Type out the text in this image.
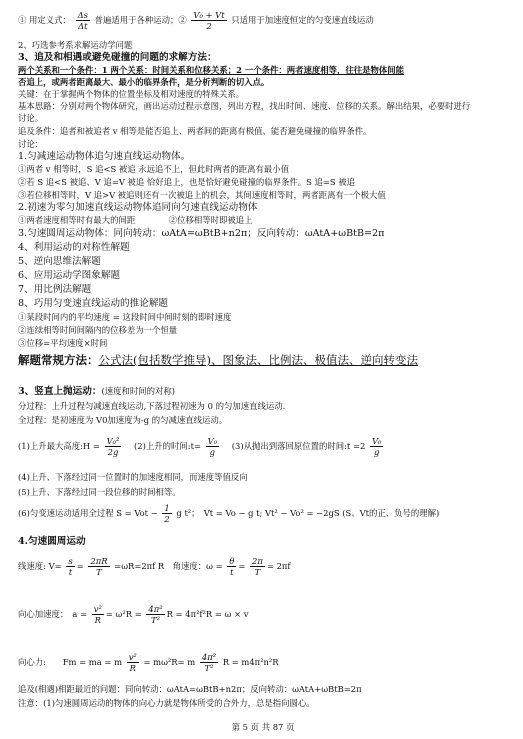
① 用定义式： $\frac{\Delta s}{\Delta t}$ 普遍适用于各种运动；② $\frac{\text{V₀ + Vt}}{2}$ 只适用于加速度恒定的匀变速直线运动
2、巧选参考系求解运动学问题
3、追及和相遇或避免碰撞的问题的求解方法：
两个关系和一个条件：1 两个关系：时间关系和位移关系；2 一个条件：两者速度相等，往往是物体间能
否追上，或两者距离最大、最小的临界条件，是分析判断的切入点。
关键：在于掌握两个物体的位置坐标及相对速度的特殊关系。
基本思路：分别对两个物体研究，画出运动过程示意图，列出方程，找出时间、速度、位移的关系。解出结果，必要时进行
讨论。
追及条件：追者和被追者 v 相等是能否追上、两者间的距离有极值、能否避免碰撞的临界条件。
讨论：
1.匀减速运动物体追匀速直线运动物体。
①两者 v 相等时，S 追<S 被追 永远追不上，但此时两者的距离有最小值
②若 S 追<S 被追、V 追=V 被追 恰好追上，也是恰好避免碰撞的临界条件。S 追=S 被追
③若位移相等时，V 追>V 被追则还有一次被追上的机会，其间速度相等时，两者距离有一个极大值
2.初速为零匀加速直线运动物体追同向匀速直线运动物体
①两者速度相等时有最大的间距　　　　②位移相等时即被追上
3.匀速圆周运动物体：同向转动：ωAtA=ωBtB+n2π；反向转动：ωAtA+ωBtB=2π
4、利用运动的对称性解题
5、逆向思维法解题
6、应用运动学图象解题
7、用比例法解题
8、巧用匀变速直线运动的推论解题
①某段时间内的平均速度 = 这段时间中间时刻的即时速度
②连续相等时间间隔内的位移差为一个恒量
③位移=平均速度×时间
解题常规方法：公式法(包括数学推导)、图象法、比例法、极值法、逆向转变法
3、竖直上抛运动：(速度和时间的对称)
分过程：上升过程匀减速直线运动,下落过程初速为 0 的匀加速直线运动.
全过程：是初速度为 V0加速度为-g 的匀减速直线运动。
(1)上升最大高度:H = $\frac{\text{V₀²}}{2g} (2)$上升的时间:t= $\frac{\text{V₀}}{g} (3)$从抛出到落回原位置的时间:t $=2 \frac{\text{V₀}}{g}$
(4)上升、下落经过同一位置时的加速度相同，而速度等值反向
(5)上升、下落经过同一段位移的时间相等。
(6)匀变速运动适用全过程 S = Vot − $\frac{1}{2}$ g t²；　Vt = Vo − g t; Vt² − Vo² = −2gS (S、Vt的正、负号的理解)
4.匀速圆周运动
线速度: $V= \frac{s}{t} = \frac{2\pi R}{T} =\omega R=2\pi f$ R　角速度：$\omega = \frac{\theta}{t} = \frac{2\pi}{T} = 2\pi f$
向心加速度：　$a = \frac{\text{v²}}{R} = \omega^2R = \frac{\text{4π²}}{\text{T²}}$ R = 4π²f²R = ω × v
向心力:　　Fm = ma = m $\frac{\text{v²}}{R} = m\omega^2R= m \frac{\text{4π²}}{\text{T²}}$ R = m4π²n²R
追及(相遇)相距最近的问题：同向转动：ωAtA=ωBtB+n2π；反向转动：ωAtA+ωBtB=2π
注意：(1)匀速圆周运动的物体的向心力就是物体所受的合外力，总是指向圆心。
第 5 页 共 87 页
